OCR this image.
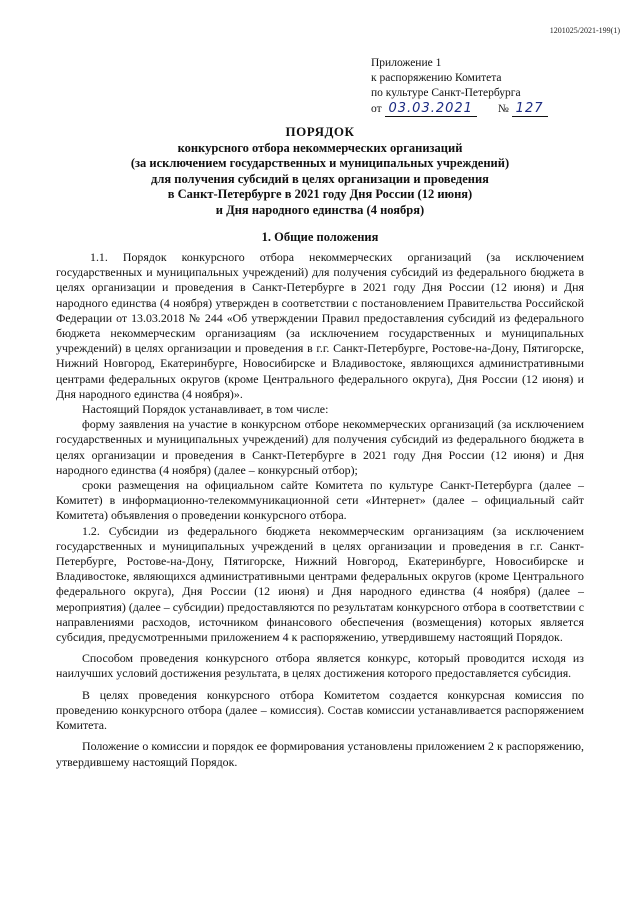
1201025/2021-199(1)
Приложение 1
к распоряжению Комитета
по культуре Санкт-Петербурга
от 03.03.2021 № 127
ПОРЯДОК
конкурсного отбора некоммерческих организаций
(за исключением государственных и муниципальных учреждений)
для получения субсидий в целях организации и проведения
в Санкт-Петербурге в 2021 году Дня России (12 июня)
и Дня народного единства (4 ноября)
1. Общие положения

1.1. Порядок конкурсного отбора некоммерческих организаций (за исключением государственных и муниципальных учреждений) для получения субсидий из федерального бюджета в целях организации и проведения в Санкт-Петербурге в 2021 году Дня России (12 июня) и Дня народного единства (4 ноября) утвержден в соответствии с постановлением Правительства Российской Федерации от 13.03.2018 № 244 «Об утверждении Правил предоставления субсидий из федерального бюджета некоммерческим организациям (за исключением государственных и муниципальных учреждений) в целях организации и проведения в г.г. Санкт-Петербурге, Ростове-на-Дону, Пятигорске, Нижний Новгород, Екатеринбурге, Новосибирске и Владивостоке, являющихся административными центрами федеральных округов (кроме Центрального федерального округа), Дня России (12 июня) и Дня народного единства (4 ноября)».

Настоящий Порядок устанавливает, в том числе:

форму заявления на участие в конкурсном отборе некоммерческих организаций (за исключением государственных и муниципальных учреждений) для получения субсидий из федерального бюджета в целях организации и проведения в Санкт-Петербурге в 2021 году Дня России (12 июня) и Дня народного единства (4 ноября) (далее – конкурсный отбор);

сроки размещения на официальном сайте Комитета по культуре Санкт-Петербурга (далее – Комитет) в информационно-телекоммуникационной сети «Интернет» (далее – официальный сайт Комитета) объявления о проведении конкурсного отбора.

1.2. Субсидии из федерального бюджета некоммерческим организациям (за исключением государственных и муниципальных учреждений в целях организации и проведения в г.г. Санкт-Петербурге, Ростове-на-Дону, Пятигорске, Нижний Новгород, Екатеринбурге, Новосибирске и Владивостоке, являющихся административными центрами федеральных округов (кроме Центрального федерального округа), Дня России (12 июня) и Дня народного единства (4 ноября) (далее – мероприятия) (далее – субсидии) предоставляются по результатам конкурсного отбора в соответствии с направлениями расходов, источником финансового обеспечения (возмещения) которых является субсидия, предусмотренными приложением 4 к распоряжению, утвердившему настоящий Порядок.

Способом проведения конкурсного отбора является конкурс, который проводится исходя из наилучших условий достижения результата, в целях достижения которого предоставляется субсидия.

В целях проведения конкурсного отбора Комитетом создается конкурсная комиссия по проведению конкурсного отбора (далее – комиссия). Состав комиссии устанавливается распоряжением Комитета.

Положение о комиссии и порядок ее формирования установлены приложением 2 к распоряжению, утвердившему настоящий Порядок.
